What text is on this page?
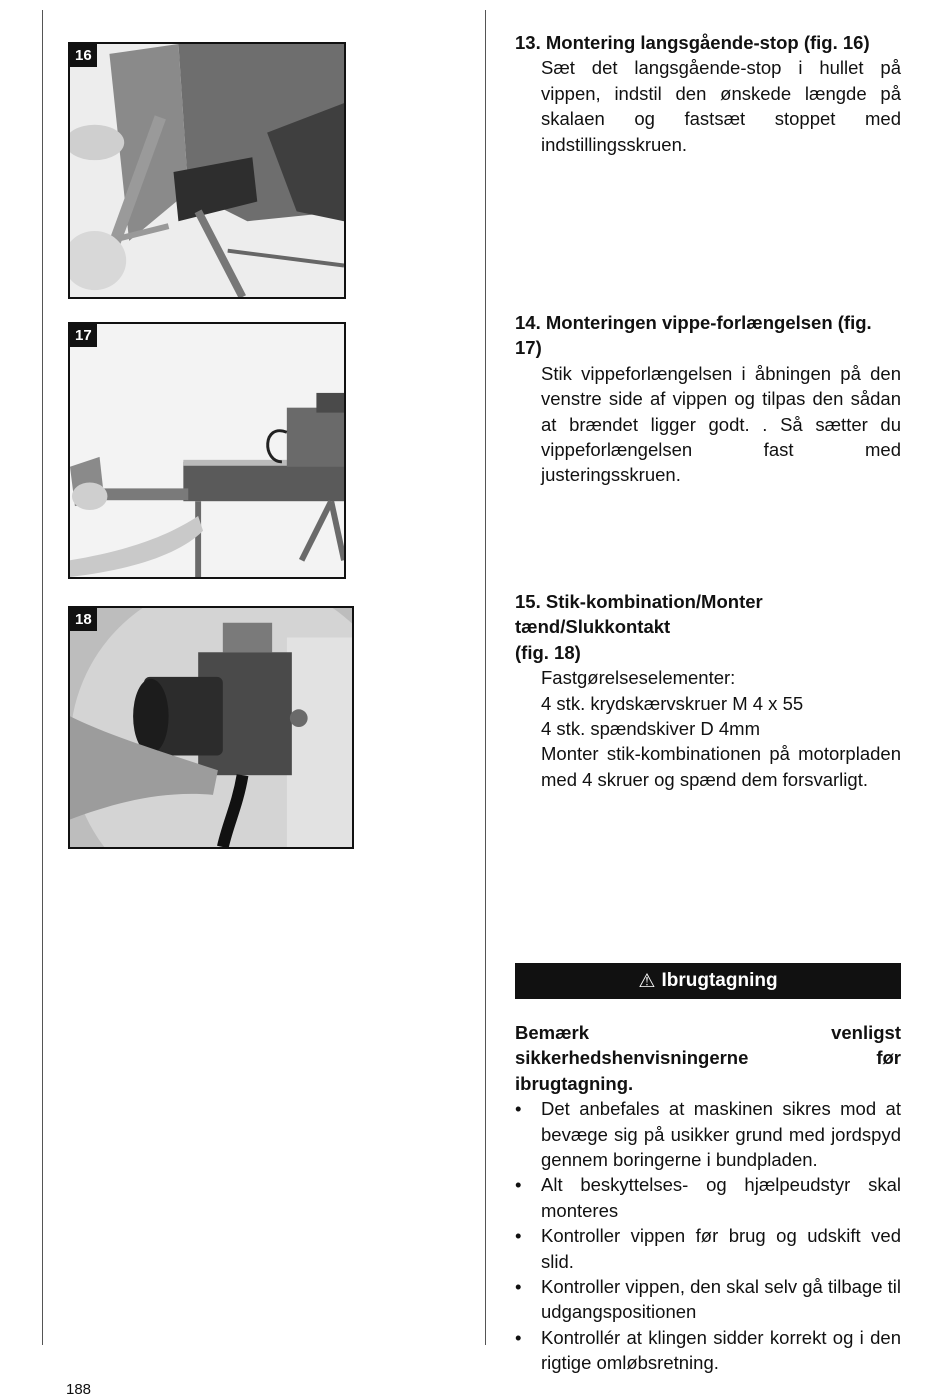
16
17
18
13. Montering langsgående-stop (fig. 16)
Sæt det langsgående-stop i hullet på vippen, indstil den ønskede længde på skalaen og fastsæt stoppet med indstillingsskruen.
14. Monteringen vippe-forlængelsen (fig. 17)
Stik vippeforlængelsen i åbningen på den venstre side af vippen og tilpas den sådan at brændet ligger godt. . Så sætter du vippeforlængelsen fast med justeringsskruen.
15. Stik-kombination/Monter tænd/Slukkontakt
(fig. 18)

Fastgørelseselementer:

4 stk. krydskærvskruer M 4 x 55

4 stk. spændskiver D 4mm

Monter stik-kombinationen på motorpladen med 4 skruer og spænd dem forsvarligt.

⚠ Ibrugtagning
Bemærk venligst sikkerhedshenvisningerne før ibrugtagning.
• Det anbefales at maskinen sikres mod at bevæge sig på usikker grund med jordspyd gennem boringerne i bundpladen.
• Alt beskyttelses- og hjælpeudstyr skal monteres
• Kontroller vippen før brug og udskift ved slid.
• Kontroller vippen, den skal selv gå tilbage til udgangspositionen
• Kontrollér at klingen sidder korrekt og i den rigtige omløbsretning.
188
